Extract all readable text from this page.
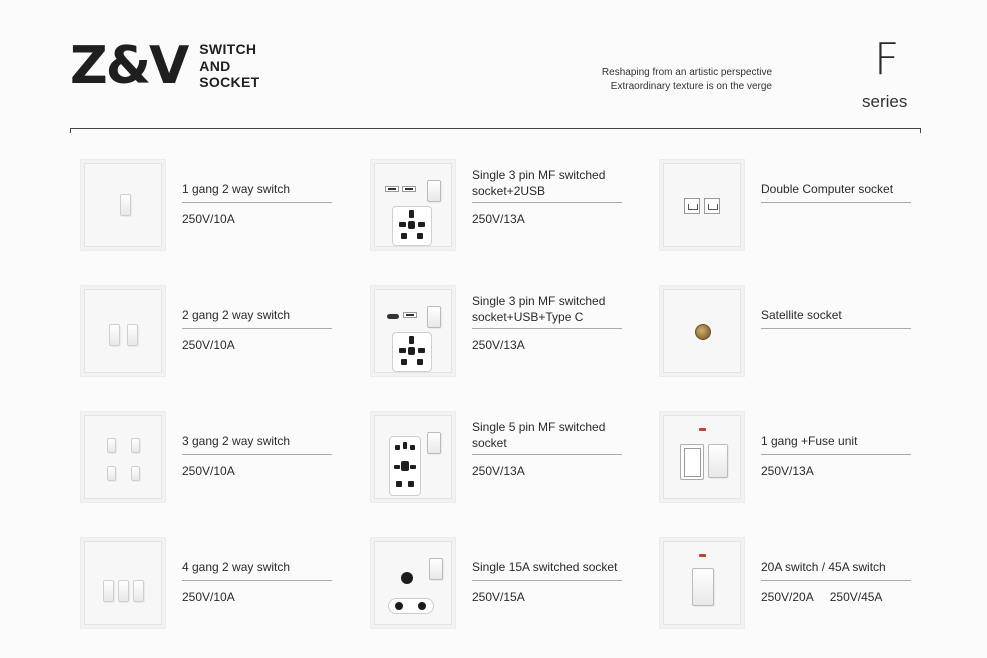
Z&V SWITCH
AND
SOCKET
Reshaping from an artistic perspective
Extraordinary texture is on the verge
F
series
1 gang 2 way switch
250V/10A
2 gang 2 way switch
250V/10A
3 gang 2 way switch
250V/10A
4 gang 2 way switch
250V/10A
Single 3 pin MF switched socket+2USB
250V/13A
Single 3 pin MF switched socket+USB+Type C
250V/13A
Single 5 pin MF switched socket
250V/13A
Single 15A switched socket
250V/15A
Double Computer socket
Satellite socket
1 gang +Fuse unit
250V/13A
20A switch / 45A switch
250V/20A 250V/45A
